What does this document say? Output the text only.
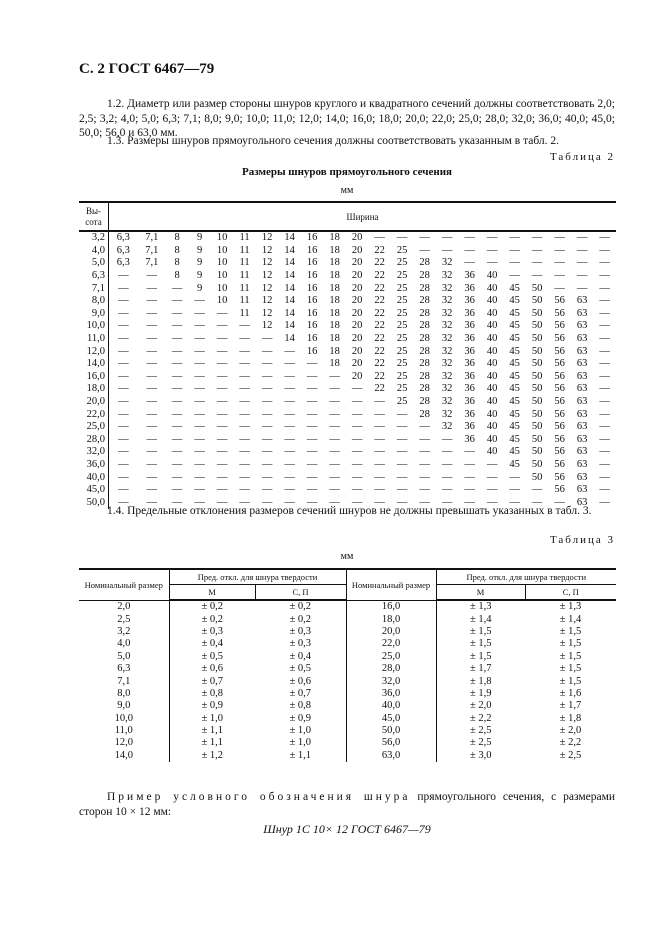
С. 2 ГОСТ 6467—79
1.2. Диаметр или размер стороны шнуров круглого и квадратного сечений должны соответствовать 2,0; 2,5; 3,2; 4,0; 5,0; 6,3; 7,1; 8,0; 9,0; 10,0; 11,0; 12,0; 14,0; 16,0; 18,0; 20,0; 22,0; 25,0; 28,0; 32,0; 36,0; 40,0; 45,0; 50,0; 56,0 и 63,0 мм.
1.3. Размеры шнуров прямоугольного сечения должны соответствовать указанным в табл. 2.
Таблица 2
Размеры шнуров прямоугольного сечения
мм
Вы-
сота	Ширина																					
3,2	6,3	7,1	8	9	10	11	12	14	16	18	20	—	—	—	—	—	—	—	—	—	—	—
4,0	6,3	7,1	8	9	10	11	12	14	16	18	20	22	25	—	—	—	—	—	—	—	—	—
5,0	6,3	7,1	8	9	10	11	12	14	16	18	20	22	25	28	32	—	—	—	—	—	—	—
6,3	—	—	8	9	10	11	12	14	16	18	20	22	25	28	32	36	40	—	—	—	—	—
7,1	—	—	—	9	10	11	12	14	16	18	20	22	25	28	32	36	40	45	50	—	—	—
8,0	—	—	—	—	10	11	12	14	16	18	20	22	25	28	32	36	40	45	50	56	63	—
9,0	—	—	—	—	—	11	12	14	16	18	20	22	25	28	32	36	40	45	50	56	63	—
10,0	—	—	—	—	—	—	12	14	16	18	20	22	25	28	32	36	40	45	50	56	63	—
11,0	—	—	—	—	—	—	—	14	16	18	20	22	25	28	32	36	40	45	50	56	63	—
12,0	—	—	—	—	—	—	—	—	16	18	20	22	25	28	32	36	40	45	50	56	63	—
14,0	—	—	—	—	—	—	—	—	—	18	20	22	25	28	32	36	40	45	50	56	63	—
16,0	—	—	—	—	—	—	—	—	—	—	20	22	25	28	32	36	40	45	50	56	63	—
18,0	—	—	—	—	—	—	—	—	—	—	—	22	25	28	32	36	40	45	50	56	63	—
20,0	—	—	—	—	—	—	—	—	—	—	—	—	25	28	32	36	40	45	50	56	63	—
22,0	—	—	—	—	—	—	—	—	—	—	—	—	—	28	32	36	40	45	50	56	63	—
25,0	—	—	—	—	—	—	—	—	—	—	—	—	—	—	32	36	40	45	50	56	63	—
28,0	—	—	—	—	—	—	—	—	—	—	—	—	—	—	—	36	40	45	50	56	63	—
32,0	—	—	—	—	—	—	—	—	—	—	—	—	—	—	—	—	40	45	50	56	63	—
36,0	—	—	—	—	—	—	—	—	—	—	—	—	—	—	—	—	—	45	50	56	63	—
40,0	—	—	—	—	—	—	—	—	—	—	—	—	—	—	—	—	—	—	50	56	63	—
45,0	—	—	—	—	—	—	—	—	—	—	—	—	—	—	—	—	—	—	—	56	63	—
50,0	—	—	—	—	—	—	—	—	—	—	—	—	—	—	—	—	—	—	—	—	63	—
1.4. Предельные отклонения размеров сечений шнуров не должны превышать указанных в табл. 3.
Таблица 3
мм
Номинальный размер	Пред. откл. для шнура твердости		Номинальный размер	Пред. откл. для шнура твердости	
	М	С, П		М	С, П
2,0	± 0,2	± 0,2	16,0	± 1,3	± 1,3
2,5	± 0,2	± 0,2	18,0	± 1,4	± 1,4
3,2	± 0,3	± 0,3	20,0	± 1,5	± 1,5
4,0	± 0,4	± 0,3	22,0	± 1,5	± 1,5
5,0	± 0,5	± 0,4	25,0	± 1,5	± 1,5
6,3	± 0,6	± 0,5	28,0	± 1,7	± 1,5
7,1	± 0,7	± 0,6	32,0	± 1,8	± 1,5
8,0	± 0,8	± 0,7	36,0	± 1,9	± 1,6
9,0	± 0,9	± 0,8	40,0	± 2,0	± 1,7
10,0	± 1,0	± 0,9	45,0	± 2,2	± 1,8
11,0	± 1,1	± 1,0	50,0	± 2,5	± 2,0
12,0	± 1,1	± 1,0	56,0	± 2,5	± 2,2
14,0	± 1,2	± 1,1	63,0	± 3,0	± 2,5
Пример условного обозначения шнура прямоугольного сечения, с размерами сторон 10 × 12 мм:
Шнур 1С 10× 12 ГОСТ 6467—79
